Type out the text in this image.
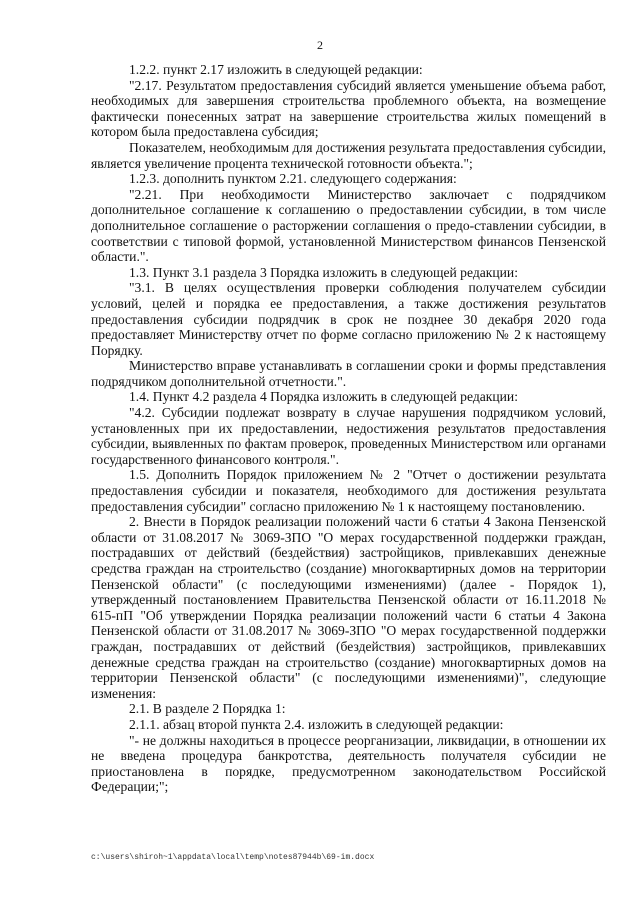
2

1.2.2. пункт 2.17 изложить в следующей редакции:

"2.17. Результатом предоставления субсидий является уменьшение объема работ, необходимых для завершения строительства проблемного объекта, на возмещение фактически понесенных затрат на завершение строительства жилых помещений в котором была предоставлена субсидия;

Показателем, необходимым для достижения результата предоставления субсидии, является увеличение процента технической готовности объекта.";

1.2.3. дополнить пунктом 2.21. следующего содержания:

"2.21. При необходимости Министерство заключает с подрядчиком дополнительное соглашение к соглашению о предоставлении субсидии, в том числе дополнительное соглашение о расторжении соглашения о предо-ставлении субсидии, в соответствии с типовой формой, установленной Министерством финансов Пензенской области.".

1.3. Пункт 3.1 раздела 3 Порядка изложить в следующей редакции:

"3.1. В целях осуществления проверки соблюдения получателем субсидии условий, целей и порядка ее предоставления, а также достижения результатов предоставления субсидии подрядчик в срок не позднее 30 декабря 2020 года предоставляет Министерству отчет по форме согласно приложению № 2 к настоящему Порядку.

Министерство вправе устанавливать в соглашении сроки и формы представления подрядчиком дополнительной отчетности.".

1.4. Пункт 4.2 раздела 4 Порядка изложить в следующей редакции:

"4.2. Субсидии подлежат возврату в случае нарушения подрядчиком условий, установленных при их предоставлении, недостижения результатов предоставления субсидии, выявленных по фактам проверок, проведенных Министерством или органами государственного финансового контроля.".

1.5. Дополнить Порядок приложением № 2 "Отчет о достижении результата предоставления субсидии и показателя, необходимого для достижения результата предоставления субсидии" согласно приложению № 1 к настоящему постановлению.

2. Внести в Порядок реализации положений части 6 статьи 4 Закона Пензенской области от 31.08.2017 № 3069-ЗПО "О мерах государственной поддержки граждан, пострадавших от действий (бездействия) застройщиков, привлекавших денежные средства граждан на строительство (создание) многоквартирных домов на территории Пензенской области" (с последующими изменениями) (далее - Порядок 1), утвержденный постановлением Правительства Пензенской области от 16.11.2018 № 615-пП "Об утверждении Порядка реализации положений части 6 статьи 4 Закона Пензенской области от 31.08.2017 № 3069-ЗПО "О мерах государственной поддержки граждан, пострадавших от действий (бездействия) застройщиков, привлекавших денежные средства граждан на строительство (создание) многоквартирных домов на территории Пензенской области" (с последующими изменениями)", следующие изменения:

2.1. В разделе 2 Порядка 1:

2.1.1. абзац второй пункта 2.4. изложить в следующей редакции:

"- не должны находиться в процессе реорганизации, ликвидации, в отношении их не введена процедура банкротства, деятельность получателя субсидии не приостановлена в порядке, предусмотренном законодательством Российской Федерации;";

c:\users\shiroh~1\appdata\local\temp\notes87944b\69-im.docx
